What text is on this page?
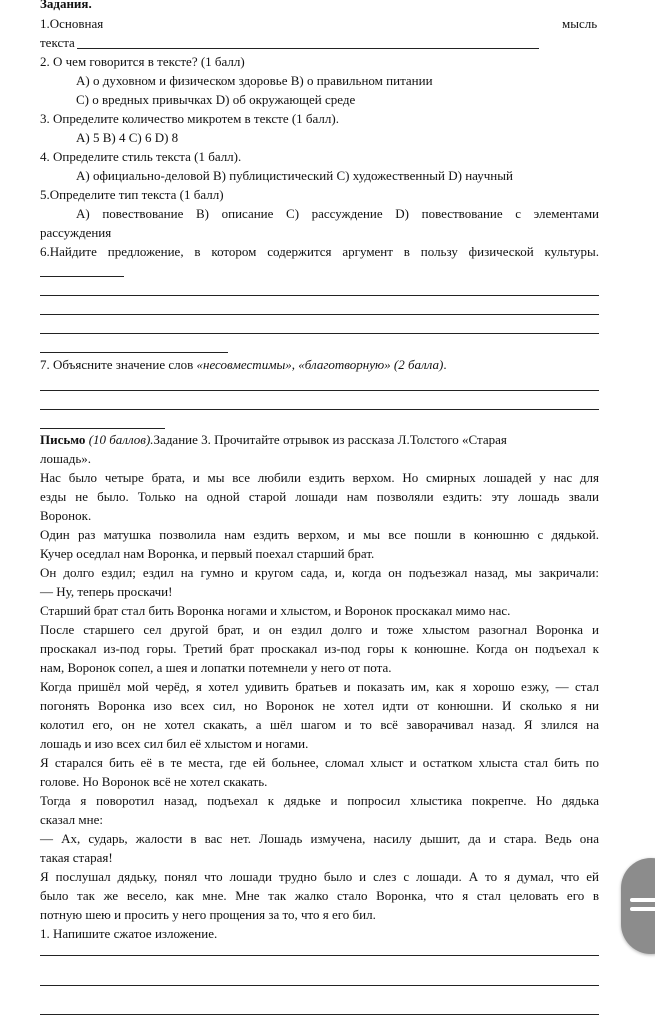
Задания.
1.Основная	мысль
текста
2. О чем говорится в тексте? (1 балл)
А) о духовном и физическом здоровье В) о правильном питании
С) о вредных привычках D) об окружающей среде
3. Определите количество микротем в тексте (1 балл).
А) 5 В) 4 С) 6 D) 8
4. Определите стиль текста (1 балл).
А) официально-деловой В) публицистический С) художественный D) научный
5.Определите тип текста (1 балл)
А) повествование В) описание С) рассуждение D) повествование с элементами
рассуждения
6.Найдите предложение, в котором содержится аргумент в пользу физической культуры.
7. Объясните значение слов «несовместимы», «благотворную» (2 балла).
Письмо (10 баллов).Задание 3. Прочитайте отрывок из рассказа Л.Толстого «Старая
лошадь».
Нас было четыре брата, и мы все любили ездить верхом. Но смирных лошадей у нас для
езды не было. Только на одной старой лошади нам позволяли ездить: эту лошадь звали
Воронок.
Один раз матушка позволила нам ездить верхом, и мы все пошли в конюшню с дядькой.
Кучер оседлал нам Воронка, и первый поехал старший брат.
Он долго ездил; ездил на гумно и кругом сада, и, когда он подъезжал назад, мы закричали:
— Ну, теперь проскачи!
Старший брат стал бить Воронка ногами и хлыстом, и Воронок проскакал мимо нас.
После старшего сел другой брат, и он ездил долго и тоже хлыстом разогнал Воронка и
проскакал из-под горы. Третий брат проскакал из-под горы к конюшне. Когда он подъехал к
нам, Воронок сопел, а шея и лопатки потемнели у него от пота.
Когда пришёл мой черёд, я хотел удивить братьев и показать им, как я хорошо езжу, — стал
погонять Воронка изо всех сил, но Воронок не хотел идти от конюшни. И сколько я ни
колотил его, он не хотел скакать, а шёл шагом и то всё заворачивал назад. Я злился на
лошадь и изо всех сил бил её хлыстом и ногами.
Я старался бить её в те места, где ей больнее, сломал хлыст и остатком хлыста стал бить по
голове. Но Воронок всё не хотел скакать.
Тогда я поворотил назад, подъехал к дядьке и попросил хлыстика покрепче. Но дядька
сказал мне:
— Ах, сударь, жалости в вас нет. Лошадь измучена, насилу дышит, да и стара. Ведь она
такая старая!
Я послушал дядьку, понял что лошади трудно было и слез с лошади. А то я думал, что ей
было так же весело, как мне. Мне так жалко стало Воронка, что я стал целовать его в
потную шею и просить у него прощения за то, что я его бил.
1. Напишите сжатое изложение.
